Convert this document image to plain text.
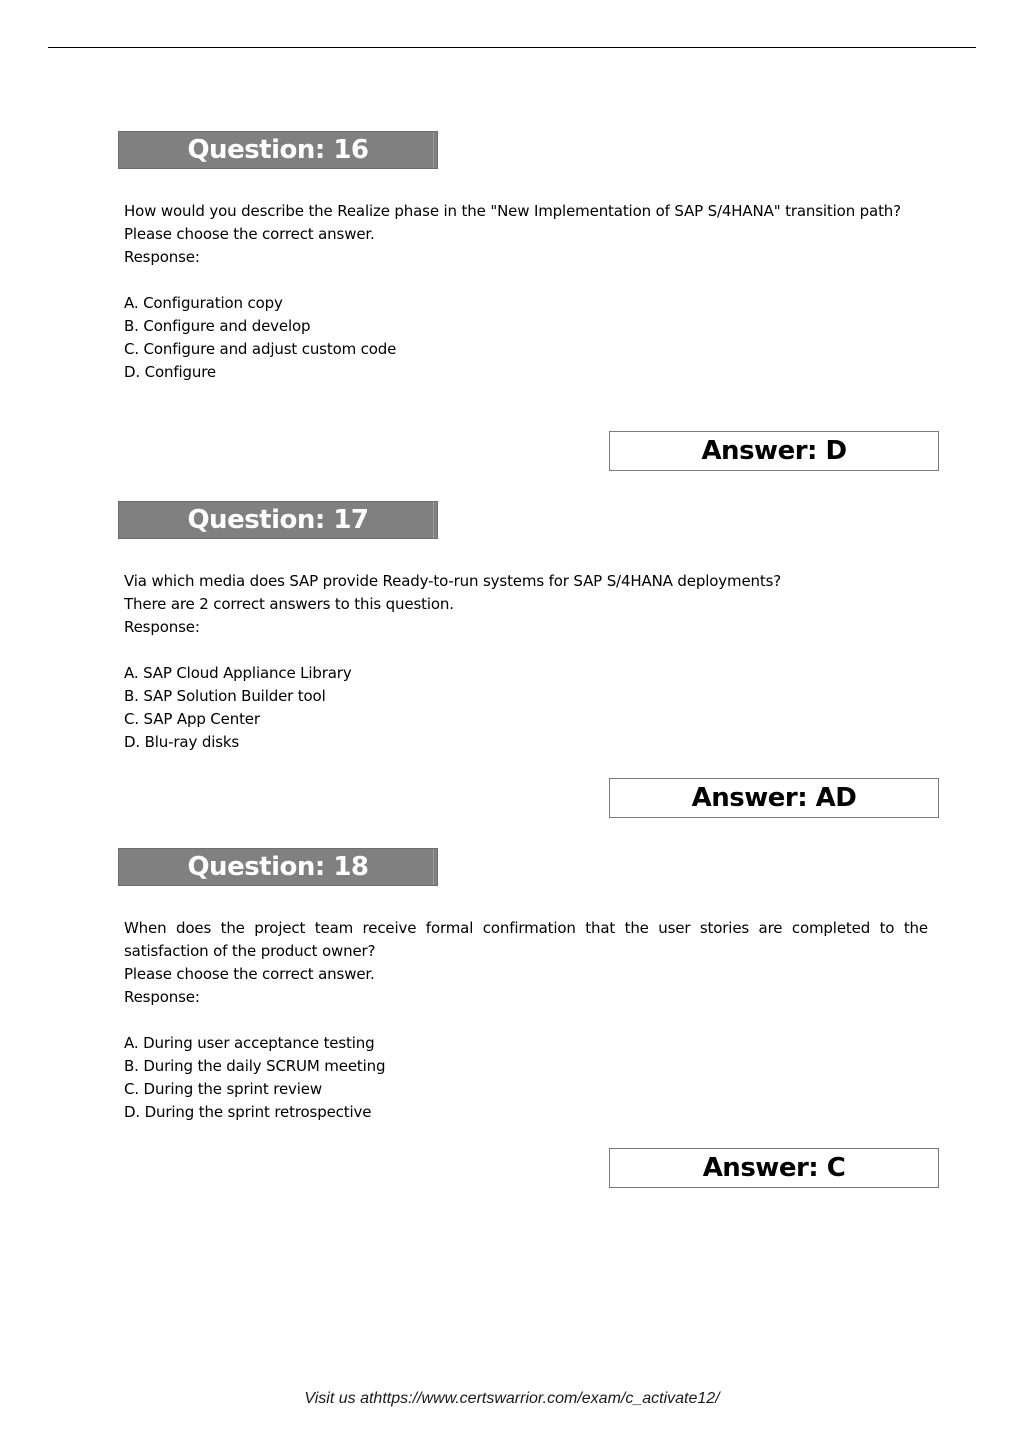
Question: 16

How would you describe the Realize phase in the "New Implementation of SAP S/4HANA" transition path?

Please choose the correct answer.

Response:

A. Configuration copy
B. Configure and develop
C. Configure and adjust custom code
D. Configure
Answer: D
Question: 17

Via which media does SAP provide Ready-to-run systems for SAP S/4HANA deployments?

There are 2 correct answers to this question.

Response:

A. SAP Cloud Appliance Library
B. SAP Solution Builder tool
C. SAP App Center
D. Blu-ray disks
Answer: AD
Question: 18

When does the project team receive formal confirmation that the user stories are completed to the satisfaction of the product owner?

Please choose the correct answer.

Response:

A. During user acceptance testing
B. During the daily SCRUM meeting
C. During the sprint review
D. During the sprint retrospective
Answer: C
Visit us athttps://www.certswarrior.com/exam/c_activate12/
